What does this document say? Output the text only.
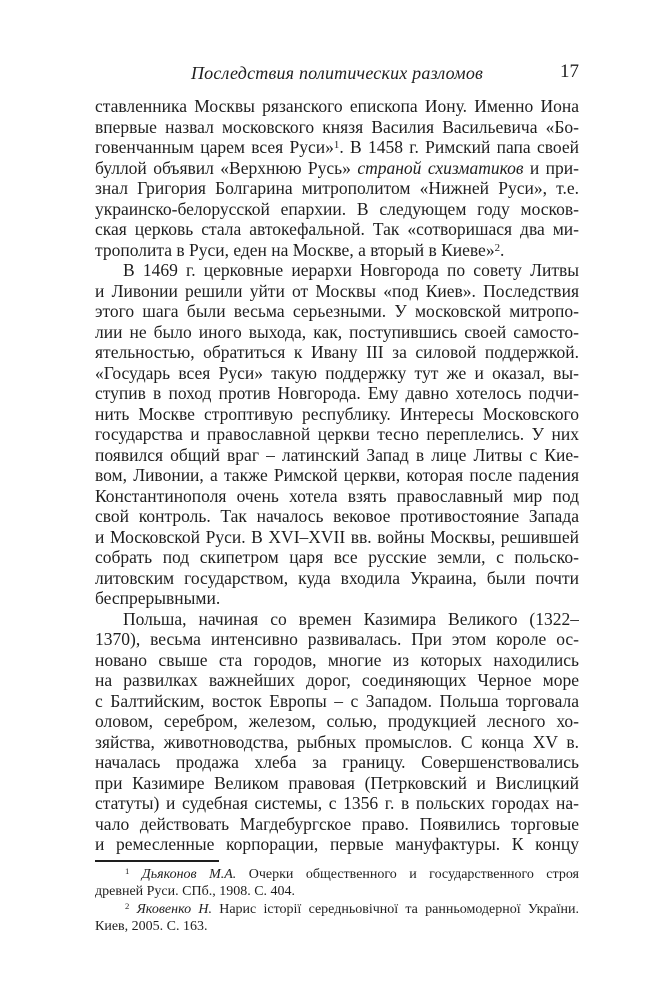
Последствия политических разломов	17
ставленника Москвы рязанского епископа Иону. Именно Иона
впервые назвал московского князя Василия Васильевича «Бо-
говенчанным царем всея Руси»$^1$. В 1458 г. Римский папа своей
буллой объявил «Верхнюю Русь» страной схизматиков и при-
знал Григория Болгарина митрополитом «Нижней Руси», т.е.
украинско-белорусской епархии. В следующем году москов-
ская церковь стала автокефальной. Так «сотворишася два ми-
трополита в Руси, еден на Москве, а вторый в Киеве»$^2$.
В 1469 г. церковные иерархи Новгорода по совету Литвы
и Ливонии решили уйти от Москвы «под Киев». Последствия
этого шага были весьма серьезными. У московской митропо-
лии не было иного выхода, как, поступившись своей самосто-
ятельностью, обратиться к Ивану III за силовой поддержкой.
«Государь всея Руси» такую поддержку тут же и оказал, вы-
ступив в поход против Новгорода. Ему давно хотелось подчи-
нить Москве строптивую республику. Интересы Московского
государства и православной церкви тесно переплелись. У них
появился общий враг – латинский Запад в лице Литвы с Кие-
вом, Ливонии, а также Римской церкви, которая после падения
Константинополя очень хотела взять православный мир под
свой контроль. Так началось вековое противостояние Запада
и Московской Руси. В XVI–XVII вв. войны Москвы, решившей
собрать под скипетром царя все русские земли, с польско-
литовским государством, куда входила Украина, были почти
беспрерывными.
Польша, начиная со времен Казимира Великого (1322–
1370), весьма интенсивно развивалась. При этом короле ос-
новано свыше ста городов, многие из которых находились
на развилках важнейших дорог, соединяющих Черное море
с Балтийским, восток Европы – с Западом. Польша торговала
оловом, серебром, железом, солью, продукцией лесного хо-
зяйства, животноводства, рыбных промыслов. С конца XV в.
началась продажа хлеба за границу. Совершенствовались
при Казимире Великом правовая (Петрковский и Вислицкий
статуты) и судебная системы, с 1356 г. в польских городах на-
чало действовать Магдебургское право. Появились торговые
и ремесленные корпорации, первые мануфактуры. К концу
$^1$ Дьяконов М.А. Очерки общественного и государственного строя
древней Руси. СПб., 1908. С. 404.
$^2$ Яковенко Н. Нарис історії середньовічної та ранньомодерної України.
Киев, 2005. С. 163.
